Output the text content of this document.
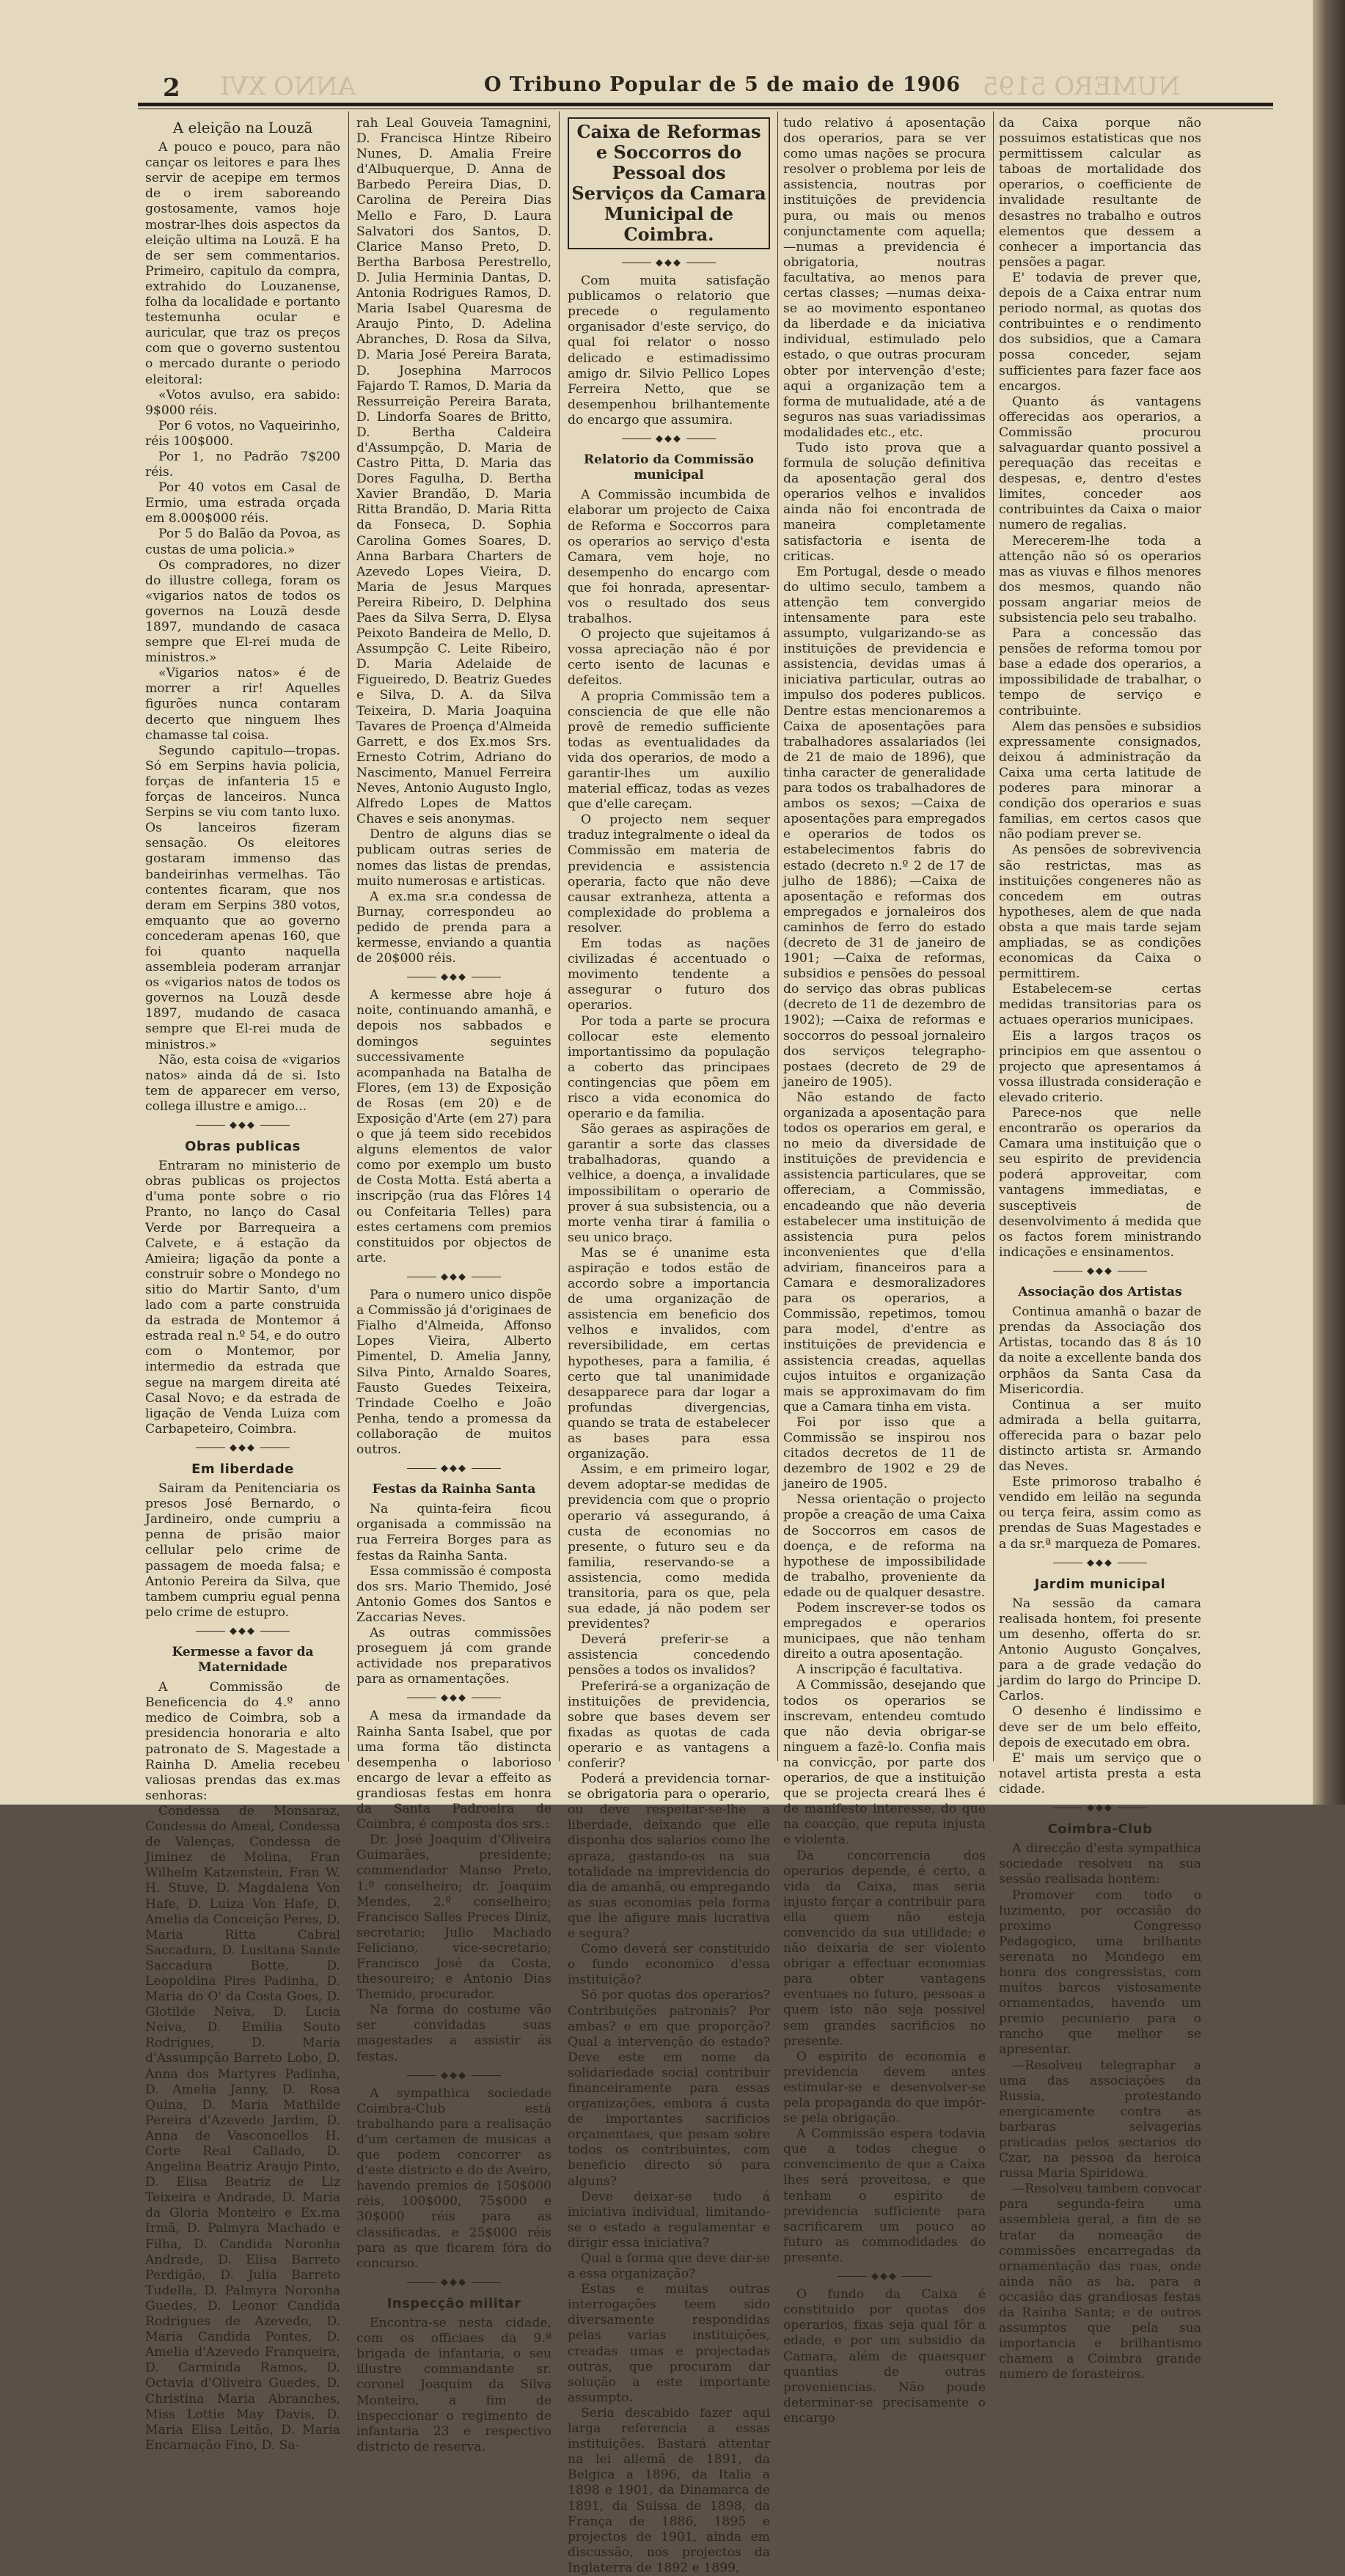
ANNO XVI	NUMERO 5195
2	O Tribuno Popular de 5 de maio de 1906
A eleição na Louzã

A pouco e pouco, para não cançar os leitores e para lhes servir de acepipe em termos de o irem saboreando gostosamente, vamos hoje mostrar-lhes dois aspectos da eleição ultima na Louzã. E ha de ser sem commentarios. Primeiro, capitulo da compra, extrahido do Louzanense, folha da localidade e portanto testemunha ocular e auricular, que traz os preços com que o governo sustentou o mercado durante o periodo eleitoral:

«Votos avulso, era sabido: 9$000 réis.

Por 6 votos, no Vaqueirinho, réis 100$000.

Por 1, no Padrão 7$200 réis.

Por 40 votos em Casal de Ermio, uma estrada orçada em 8.000$000 réis.

Por 5 do Balão da Povoa, as custas de uma policia.»

Os compradores, no dizer do illustre collega, foram os «vigarios natos de todos os governos na Louzã desde 1897, mundando de casaca sempre que El-rei muda de ministros.»

«Vigarios natos» é de morrer a rir! Aquelles figurões nunca contaram decerto que ninguem lhes chamasse tal coisa.

Segundo capitulo—tropas. Só em Serpins havia policia, forças de infanteria 15 e forças de lanceiros. Nunca Serpins se viu com tanto luxo. Os lanceiros fizeram sensação. Os eleitores gostaram immenso das bandeirinhas vermelhas. Tão contentes ficaram, que nos deram em Serpins 380 votos, emquanto que ao governo concederam apenas 160, que foi quanto naquella assembleia poderam arranjar os «vigarios natos de todos os governos na Louzã desde 1897, mudando de casaca sempre que El-rei muda de ministros.»

Não, esta coisa de «vigarios natos» ainda dá de si. Isto tem de apparecer em verso, collega illustre e amigo...

◆◆◆
Obras publicas

Entraram no ministerio de obras publicas os projectos d'uma ponte sobre o rio Pranto, no lanço do Casal Verde por Barrequeira a Calvete, e á estação da Amieira; ligação da ponte a construir sobre o Mondego no sitio do Martir Santo, d'um lado com a parte construida da estrada de Montemor á estrada real n.º 54, e do outro com o Montemor, por intermedio da estrada que segue na margem direita até Casal Novo; e da estrada de ligação de Venda Luiza com Carbapeteiro, Coimbra.

◆◆◆
Em liberdade

Sairam da Penitenciaria os presos José Bernardo, o Jardineiro, onde cumpriu a penna de prisão maior cellular pelo crime de passagem de moeda falsa; e Antonio Pereira da Silva, que tambem cumpriu egual penna pelo crime de estupro.

◆◆◆
Kermesse a favor da Maternidade

A Commissão de Beneficencia do 4.º anno medico de Coimbra, sob a presidencia honoraria e alto patronato de S. Magestade a Rainha D. Amelia recebeu valiosas prendas das ex.mas senhoras:

Condessa de Monsaraz, Condessa do Ameal, Condessa de Valenças, Condessa de Jiminez de Molina, Fran Wilhelm Katzenstein, Fran W. H. Stuve, D. Magdalena Von Hafe, D. Luiza Von Hafe, D. Amelia da Conceição Peres, D. Maria Ritta Cabral Saccadura, D. Lusitana Sande Saccadura Botte, D. Leopoldina Pires Padinha, D. Maria do O' da Costa Goes, D. Glotilde Neiva, D. Lucia Neiva, D. Emilia Souto Rodrigues, D. Maria d'Assumpção Barreto Lobo, D. Anna dos Martyres Padinha, D. Amelia Janny, D. Rosa Quina, D. Maria Mathilde Pereira d'Azevedo Jardim, D. Anna de Vasconcellos H. Corte Real Callado, D. Angelina Beatriz Araujo Pinto, D. Elisa Beatriz de Liz Teixeira e Andrade, D. Maria da Gloria Monteiro e Ex.ma Irmã, D. Palmyra Machado e Filha, D. Candida Noronha Andrade, D. Elisa Barreto Perdigão, D. Julia Barreto Tudella, D. Palmyra Noronha Guedes, D. Leonor Candida Rodrigues de Azevedo, D. Maria Candida Pontes, D. Amelia d'Azevedo Franqueira, D. Carminda Ramos, D. Octavia d'Oliveira Guedes, D. Christina Maria Abranches, Miss Lottie May Davis, D. Maria Elisa Leitão, D. Maria Encarnação Fino, D. Sa-

rah Leal Gouveia Tamagnini, D. Francisca Hintze Ribeiro Nunes, D. Amalia Freire d'Albuquerque, D. Anna de Barbedo Pereira Dias, D. Carolina de Pereira Dias Mello e Faro, D. Laura Salvatori dos Santos, D. Clarice Manso Preto, D. Bertha Barbosa Perestrello, D. Julia Herminia Dantas, D. Antonia Rodrigues Ramos, D. Maria Isabel Quaresma de Araujo Pinto, D. Adelina Abranches, D. Rosa da Silva, D. Maria José Pereira Barata, D. Josephina Marrocos Fajardo T. Ramos, D. Maria da Ressurreição Pereira Barata, D. Lindorfa Soares de Britto, D. Bertha Caldeira d'Assumpção, D. Maria de Castro Pitta, D. Maria das Dores Fagulha, D. Bertha Xavier Brandão, D. Maria Ritta Brandão, D. Maria Ritta da Fonseca, D. Sophia Carolina Gomes Soares, D. Anna Barbara Charters de Azevedo Lopes Vieira, D. Maria de Jesus Marques Pereira Ribeiro, D. Delphina Paes da Silva Serra, D. Elysa Peixoto Bandeira de Mello, D. Assumpção C. Leite Ribeiro, D. Maria Adelaide de Figueiredo, D. Beatriz Guedes e Silva, D. A. da Silva Teixeira, D. Maria Joaquina Tavares de Proença d'Almeida Garrett, e dos Ex.mos Srs. Ernesto Cotrim, Adriano do Nascimento, Manuel Ferreira Neves, Antonio Augusto Inglo, Alfredo Lopes de Mattos Chaves e seis anonymas.

Dentro de alguns dias se publicam outras series de nomes das listas de prendas, muito numerosas e artisticas.

A ex.ma sr.a condessa de Burnay, correspondeu ao pedido de prenda para a kermesse, enviando a quantia de 20$000 réis.

◆◆◆

A kermesse abre hoje á noite, continuando amanhã, e depois nos sabbados e domingos seguintes successivamente acompanhada na Batalha de Flores, (em 13) de Exposição de Rosas (em 20) e de Exposição d'Arte (em 27) para o que já teem sido recebidos alguns elementos de valor como por exemplo um busto de Costa Motta. Está aberta a inscripção (rua das Flôres 14 ou Confeitaria Telles) para estes certamens com premios constituidos por objectos de arte.

◆◆◆

Para o numero unico dispõe a Commissão já d'originaes de Fialho d'Almeida, Affonso Lopes Vieira, Alberto Pimentel, D. Amelia Janny, Silva Pinto, Arnaldo Soares, Fausto Guedes Teixeira, Trindade Coelho e João Penha, tendo a promessa da collaboração de muitos outros.

◆◆◆
Festas da Rainha Santa

Na quinta-feira ficou organisada a commissão na rua Ferreira Borges para as festas da Rainha Santa.

Essa commissão é composta dos srs. Mario Themido, José Antonio Gomes dos Santos e Zaccarias Neves.

As outras commissões proseguem já com grande actividade nos preparativos para as ornamentações.

◆◆◆

A mesa da irmandade da Rainha Santa Isabel, que por uma forma tão distincta desempenha o laborioso encargo de levar a effeito as grandiosas festas em honra da Santa Padroeira de Coimbra, é composta dos srs.:

Dr. José Joaquim d'Oliveira Guimarães, presidente; commendador Manso Preto, 1.º conselheiro; dr. Joaquim Mendes, 2.º conselheiro; Francisco Salles Preces Diniz, secretario; Julio Machado Feliciano, vice-secretario; Francisco José da Costa, thesoureiro; e Antonio Dias Themido, procurador.

Na forma do costume vão ser convidadas suas magestades a assistir ás festas.

◆◆◆

A sympathica sociedade Coimbra-Club está trabalhando para a realisação d'um certamen de musicas a que podem concorrer as d'este districto e do de Aveiro, havendo premios de 150$000 réis, 100$000, 75$000 e 30$000 réis para as classificadas, e 25$000 réis para as que ficarem fóra do concurso.

◆◆◆
Inspecção militar

Encontra-se nesta cidade, com os officiaes da 9.ª brigada de infantaria, o seu illustre commandante sr. coronel Joaquim da Silva Monteiro, a fim de inspeccionar o regimento de infantaria 23 e respectivo districto de reserva.

Caixa de Reformas e Soccorros do Pessoal dos Serviços da Camara Municipal de Coimbra.
◆◆◆

Com muita satisfação publicamos o relatorio que precede o regulamento organisador d'este serviço, do qual foi relator o nosso delicado e estimadissimo amigo dr. Silvio Pellico Lopes Ferreira Netto, que se desempenhou brilhantemente do encargo que assumira.

◆◆◆
Relatorio da Commissão municipal

A Commissão incumbida de elaborar um projecto de Caixa de Reforma e Soccorros para os operarios ao serviço d'esta Camara, vem hoje, no desempenho do encargo com que foi honrada, apresentar-vos o resultado dos seus trabalhos.

O projecto que sujeitamos á vossa apreciação não é por certo isento de lacunas e defeitos.

A propria Commissão tem a consciencia de que elle não provê de remedio sufficiente todas as eventualidades da vida dos operarios, de modo a garantir-lhes um auxilio material efficaz, todas as vezes que d'elle careçam.

O projecto nem sequer traduz integralmente o ideal da Commissão em materia de previdencia e assistencia operaria, facto que não deve causar extranheza, attenta a complexidade do problema a resolver.

Em todas as nações civilizadas é accentuado o movimento tendente a assegurar o futuro dos operarios.

Por toda a parte se procura collocar este elemento importantissimo da população a coberto das principaes contingencias que põem em risco a vida economica do operario e da familia.

São geraes as aspirações de garantir a sorte das classes trabalhadoras, quando a velhice, a doença, a invalidade impossibilitam o operario de prover á sua subsistencia, ou a morte venha tirar á familia o seu unico braço.

Mas se é unanime esta aspiração e todos estão de accordo sobre a importancia de uma organização de assistencia em beneficio dos velhos e invalidos, com reversibilidade, em certas hypotheses, para a familia, é certo que tal unanimidade desapparece para dar logar a profundas divergencias, quando se trata de estabelecer as bases para essa organização.

Assim, e em primeiro logar, devem adoptar-se medidas de previdencia com que o proprio operario vá assegurando, á custa de economias no presente, o futuro seu e da familia, reservando-se a assistencia, como medida transitoria, para os que, pela sua edade, já não podem ser previdentes?

Deverá preferir-se a assistencia concedendo pensões a todos os invalidos?

Preferirá-se a organização de instituições de previdencia, sobre que bases devem ser fixadas as quotas de cada operario e as vantagens a conferir?

Poderá a previdencia tornar-se obrigatoria para o operario, ou deve respeitar-se-lhe a liberdade, deixando que elle disponha dos salarios como lhe apraza, gastando-os na sua totalidade na imprevidencia do dia de amanhã, ou empregando as suas economias pela forma que lhe afigure mais lucrativa e segura?

Como deverá ser constituido o fundo economico d'essa instituição?

Só por quotas dos operarios? Contribuições patronais? Por ambas? e em que proporção? Qual a intervenção do estado? Deve este em nome da solidariedade social contribuir financeiramente para essas organizações, embora á custa de importantes sacrificios orçamentaes, que pesam sobre todos os contribuintes, com beneficio directo só para alguns?

Deve deixar-se tudo á iniciativa individual, limitando-se o estado a regulamentar e dirigir essa iniciativa?

Qual a forma que deve dar-se a essa organização?

Estas e muitas outras interrogações teem sido diversamente respondidas pelas varias instituições, creadas umas e projectadas outras, que procuram dar solução a este importante assumpto.

Seria descabido fazer aqui larga referencia a essas instituições. Bastará attentar na lei allemã de 1891, da Belgica a 1896, da Italia a 1898 e 1901, da Dinamarca de 1891, da Suissa de 1898, da França de 1886, 1895 e projectos de 1901, ainda em discussão, nos projectos da Inglaterra de 1892 e 1899,

tudo relativo á aposentação dos operarios, para se ver como umas nações se procura resolver o problema por leis de assistencia, noutras por instituições de previdencia pura, ou mais ou menos conjunctamente com aquella; —numas a previdencia é obrigatoria, noutras facultativa, ao menos para certas classes; —numas deixa-se ao movimento espontaneo da liberdade e da iniciativa individual, estimulado pelo estado, o que outras procuram obter por intervenção d'este; aqui a organização tem a forma de mutualidade, até a de seguros nas suas variadissimas modalidades etc., etc.

Tudo isto prova que a formula de solução definitiva da aposentação geral dos operarios velhos e invalidos ainda não foi encontrada de maneira completamente satisfactoria e isenta de criticas.

Em Portugal, desde o meado do ultimo seculo, tambem a attenção tem convergido intensamente para este assumpto, vulgarizando-se as instituições de previdencia e assistencia, devidas umas á iniciativa particular, outras ao impulso dos poderes publicos. Dentre estas mencionaremos a Caixa de aposentações para trabalhadores assalariados (lei de 21 de maio de 1896), que tinha caracter de generalidade para todos os trabalhadores de ambos os sexos; —Caixa de aposentações para empregados e operarios de todos os estabelecimentos fabris do estado (decreto n.º 2 de 17 de julho de 1886); —Caixa de aposentação e reformas dos empregados e jornaleiros dos caminhos de ferro do estado (decreto de 31 de janeiro de 1901; —Caixa de reformas, subsidios e pensões do pessoal do serviço das obras publicas (decreto de 11 de dezembro de 1902); —Caixa de reformas e soccorros do pessoal jornaleiro dos serviços telegrapho-postaes (decreto de 29 de janeiro de 1905).

Não estando de facto organizada a aposentação para todos os operarios em geral, e no meio da diversidade de instituições de previdencia e assistencia particulares, que se offereciam, a Commissão, encadeando que não deveria estabelecer uma instituição de assistencia pura pelos inconvenientes que d'ella adviriam, financeiros para a Camara e desmoralizadores para os operarios, a Commissão, repetimos, tomou para model, d'entre as instituições de previdencia e assistencia creadas, aquellas cujos intuitos e organização mais se approximavam do fim que a Camara tinha em vista.

Foi por isso que a Commissão se inspirou nos citados decretos de 11 de dezembro de 1902 e 29 de janeiro de 1905.

Nessa orientação o projecto propõe a creação de uma Caixa de Soccorros em casos de doença, e de reforma na hypothese de impossibilidade de trabalho, proveniente da edade ou de qualquer desastre.

Podem inscrever-se todos os empregados e operarios municipaes, que não tenham direito a outra aposentação.

A inscripção é facultativa.

A Commissão, desejando que todos os operarios se inscrevam, entendeu comtudo que não devia obrigar-se ninguem a fazê-lo. Confia mais na convicção, por parte dos operarios, de que a instituição que se projecta creará lhes é de manifesto interesse, do que na coacção, que reputa injusta e violenta.

Da concorrencia dos operarios depende, é certo, a vida da Caixa, mas seria injusto forçar a contribuir para ella quem não esteja convencido da sua utilidade; e não deixaria de ser violento obrigar a effectuar economias para obter vantagens eventuaes no futuro, pessoas a quem isto não seja possivel sem grandes sacrificios no presente.

O espirito de economia e previdencia devem antes estimular-se e desenvolver-se pela propaganda do que impôr-se pela obrigação.

A Commissão espera todavia que a todos chegue o convencimento de que a Caixa lhes será proveitosa, e que tenham o espirito de previdencia sufficiente para sacrificarem um pouco ao futuro as commodidades do presente.

◆◆◆

O fundo da Caixa é constituido por quotas dos operarios, fixas seja qual fôr a edade, e por um subsidio da Camara, além de quaesquer quantias de outras proveniencias. Não poude determinar-se precisamente o encargo

da Caixa porque não possuimos estatisticas que nos permittissem calcular as taboas de mortalidade dos operarios, o coefficiente de invalidade resultante de desastres no trabalho e outros elementos que dessem a conhecer a importancia das pensões a pagar.

E' todavia de prever que, depois de a Caixa entrar num periodo normal, as quotas dos contribuintes e o rendimento dos subsidios, que a Camara possa conceder, sejam sufficientes para fazer face aos encargos.

Quanto ás vantagens offerecidas aos operarios, a Commissão procurou salvaguardar quanto possivel a perequação das receitas e despesas, e, dentro d'estes limites, conceder aos contribuintes da Caixa o maior numero de regalias.

Merecerem-lhe toda a attenção não só os operarios mas as viuvas e filhos menores dos mesmos, quando não possam angariar meios de subsistencia pelo seu trabalho.

Para a concessão das pensões de reforma tomou por base a edade dos operarios, a impossibilidade de trabalhar, o tempo de serviço e contribuinte.

Alem das pensões e subsidios expressamente consignados, deixou á administração da Caixa uma certa latitude de poderes para minorar a condição dos operarios e suas familias, em certos casos que não podiam prever se.

As pensões de sobrevivencia são restrictas, mas as instituições congeneres não as concedem em outras hypotheses, alem de que nada obsta a que mais tarde sejam ampliadas, se as condições economicas da Caixa o permittirem.

Estabelecem-se certas medidas transitorias para os actuaes operarios municipaes.

Eis a largos traços os principios em que assentou o projecto que apresentamos á vossa illustrada consideração e elevado criterio.

Parece-nos que nelle encontrarão os operarios da Camara uma instituição que o seu espirito de previdencia poderá approveitar, com vantagens immediatas, e susceptiveis de desenvolvimento á medida que os factos forem ministrando indicações e ensinamentos.

◆◆◆
Associação dos Artistas

Continua amanhã o bazar de prendas da Associação dos Artistas, tocando das 8 ás 10 da noite a excellente banda dos orphãos da Santa Casa da Misericordia.

Continua a ser muito admirada a bella guitarra, offerecida para o bazar pelo distincto artista sr. Armando das Neves.

Este primoroso trabalho é vendido em leilão na segunda ou terça feira, assim como as prendas de Suas Magestades e a da sr.ª marqueza de Pomares.

◆◆◆
Jardim municipal

Na sessão da camara realisada hontem, foi presente um desenho, offerta do sr. Antonio Augusto Gonçalves, para a de grade vedação do jardim do largo do Principe D. Carlos.

O desenho é lindissimo e deve ser de um belo effeito, depois de executado em obra.

E' mais um serviço que o notavel artista presta a esta cidade.

◆◆◆
Coimbra-Club

A direcção d'esta sympathica sociedade resolveu na sua sessão realisada hontem:

Promover com todo o luzimento, por occasião do proximo Congresso Pedagogico, uma brilhante serenata no Mondego em honra dos congressistas, com muitos barcos vistosamente ornamentados, havendo um premio pecuniario para o rancho que melhor se apresentar.

—Resolveu telegraphar a uma das associações da Russia, protestando energicamente contra as barbaras selvagerias praticadas pelos sectarios do Czar, na pessoa da heroica russa Maria Spiridowa.

—Resolveu tambem convocar para segunda-feira uma assembleia geral, a fim de se tratar da nomeação de commissões encarregadas da ornamentação das ruas, onde ainda não as ha, para a occasião das grandiosas festas da Rainha Santa; e de outros assumptos que pela sua importancia e brilhantismo chamem a Coimbra grande numero de forasteiros.
